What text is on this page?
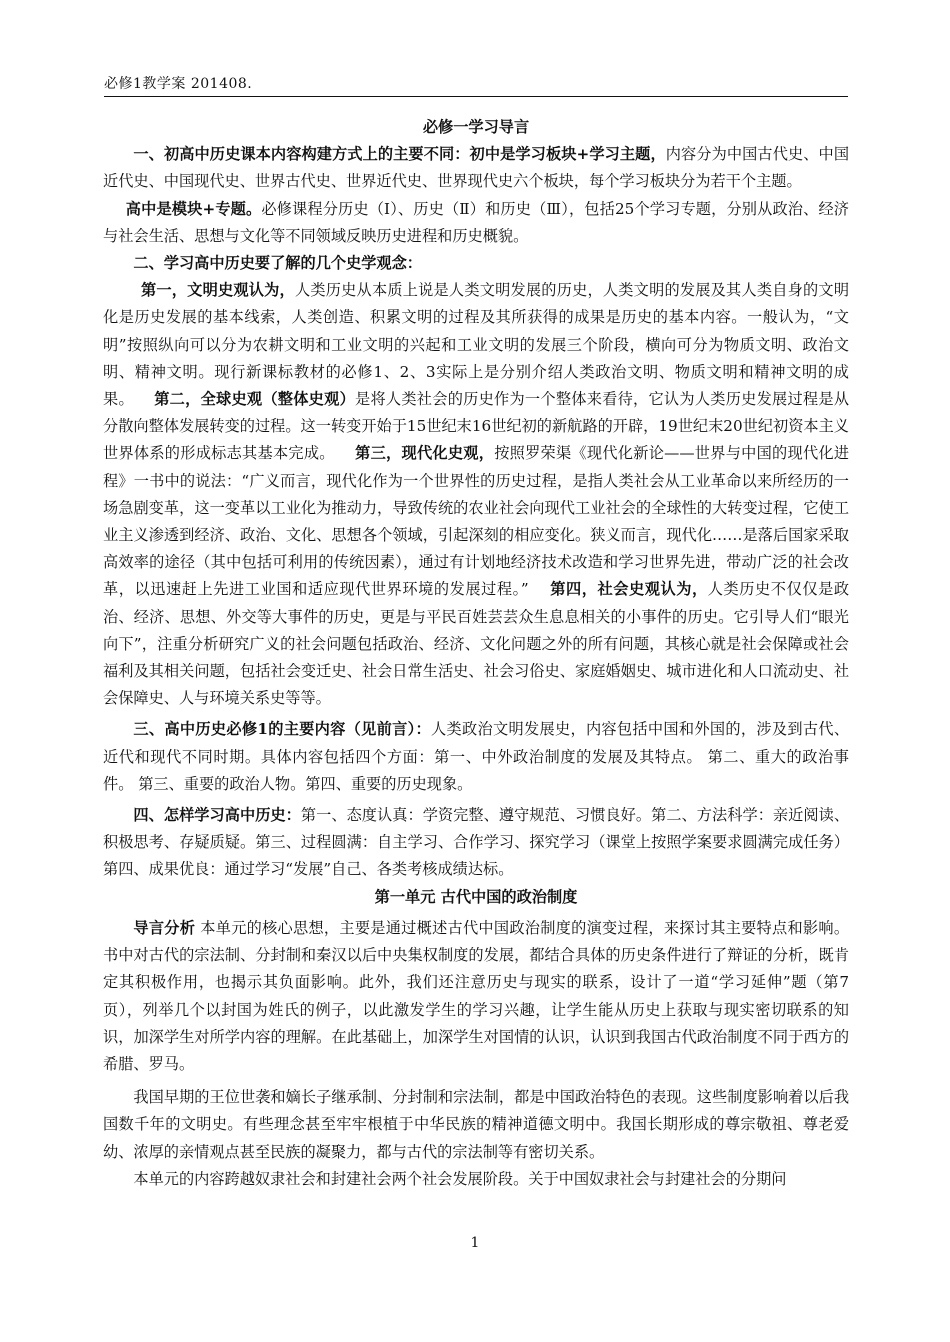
必修1教学案 201408.

必修一学习导言

一、初高中历史课本内容构建方式上的主要不同：初中是学习板块+学习主题，内容分为中国古代史、中国近代史、中国现代史、世界古代史、世界近代史、世界现代史六个板块，每个学习板块分为若干个主题。

高中是模块+专题。必修课程分历史（Ⅰ）、历史（Ⅱ）和历史（Ⅲ），包括25个学习专题，分别从政治、经济与社会生活、思想与文化等不同领域反映历史进程和历史概貌。

二、学习高中历史要了解的几个史学观念：

第一，文明史观认为，人类历史从本质上说是人类文明发展的历史，人类文明的发展及其人类自身的文明化是历史发展的基本线索，人类创造、积累文明的过程及其所获得的成果是历史的基本内容。一般认为，“文明”按照纵向可以分为农耕文明和工业文明的兴起和工业文明的发展三个阶段，横向可分为物质文明、政治文明、精神文明。现行新课标教材的必修1、2、3实际上是分别介绍人类政治文明、物质文明和精神文明的成果。 第二，全球史观（整体史观）是将人类社会的历史作为一个整体来看待，它认为人类历史发展过程是从分散向整体发展转变的过程。这一转变开始于15世纪末16世纪初的新航路的开辟，19世纪末20世纪初资本主义世界体系的形成标志其基本完成。 第三，现代化史观，按照罗荣渠《现代化新论——世界与中国的现代化进程》一书中的说法：“广义而言，现代化作为一个世界性的历史过程，是指人类社会从工业革命以来所经历的一场急剧变革，这一变革以工业化为推动力，导致传统的农业社会向现代工业社会的全球性的大转变过程，它使工业主义渗透到经济、政治、文化、思想各个领域，引起深刻的相应变化。狭义而言，现代化……是落后国家采取高效率的途径（其中包括可利用的传统因素），通过有计划地经济技术改造和学习世界先进，带动广泛的社会改革，以迅速赶上先进工业国和适应现代世界环境的发展过程。” 第四，社会史观认为，人类历史不仅仅是政治、经济、思想、外交等大事件的历史，更是与平民百姓芸芸众生息息相关的小事件的历史。它引导人们“眼光向下”，注重分析研究广义的社会问题包括政治、经济、文化问题之外的所有问题，其核心就是社会保障或社会福利及其相关问题，包括社会变迁史、社会日常生活史、社会习俗史、家庭婚姻史、城市进化和人口流动史、社会保障史、人与环境关系史等等。

三、高中历史必修1的主要内容（见前言）：人类政治文明发展史，内容包括中国和外国的，涉及到古代、近代和现代不同时期。具体内容包括四个方面：第一、中外政治制度的发展及其特点。 第二、重大的政治事件。 第三、重要的政治人物。第四、重要的历史现象。

四、怎样学习高中历史：第一、态度认真：学资完整、遵守规范、习惯良好。第二、方法科学：亲近阅读、积极思考、存疑质疑。第三、过程圆满：自主学习、合作学习、探究学习（课堂上按照学案要求圆满完成任务） 第四、成果优良：通过学习“发展”自己、各类考核成绩达标。

第一单元 古代中国的政治制度

导言分析 本单元的核心思想，主要是通过概述古代中国政治制度的演变过程，来探讨其主要特点和影响。书中对古代的宗法制、分封制和秦汉以后中央集权制度的发展，都结合具体的历史条件进行了辩证的分析，既肯定其积极作用，也揭示其负面影响。此外，我们还注意历史与现实的联系，设计了一道“学习延伸”题（第7页），列举几个以封国为姓氏的例子，以此激发学生的学习兴趣，让学生能从历史上获取与现实密切联系的知识，加深学生对所学内容的理解。在此基础上，加深学生对国情的认识，认识到我国古代政治制度不同于西方的希腊、罗马。

我国早期的王位世袭和嫡长子继承制、分封制和宗法制，都是中国政治特色的表现。这些制度影响着以后我国数千年的文明史。有些理念甚至牢牢根植于中华民族的精神道德文明中。我国长期形成的尊宗敬祖、尊老爱幼、浓厚的亲情观点甚至民族的凝聚力，都与古代的宗法制等有密切关系。

本单元的内容跨越奴隶社会和封建社会两个社会发展阶段。关于中国奴隶社会与封建社会的分期问

1
